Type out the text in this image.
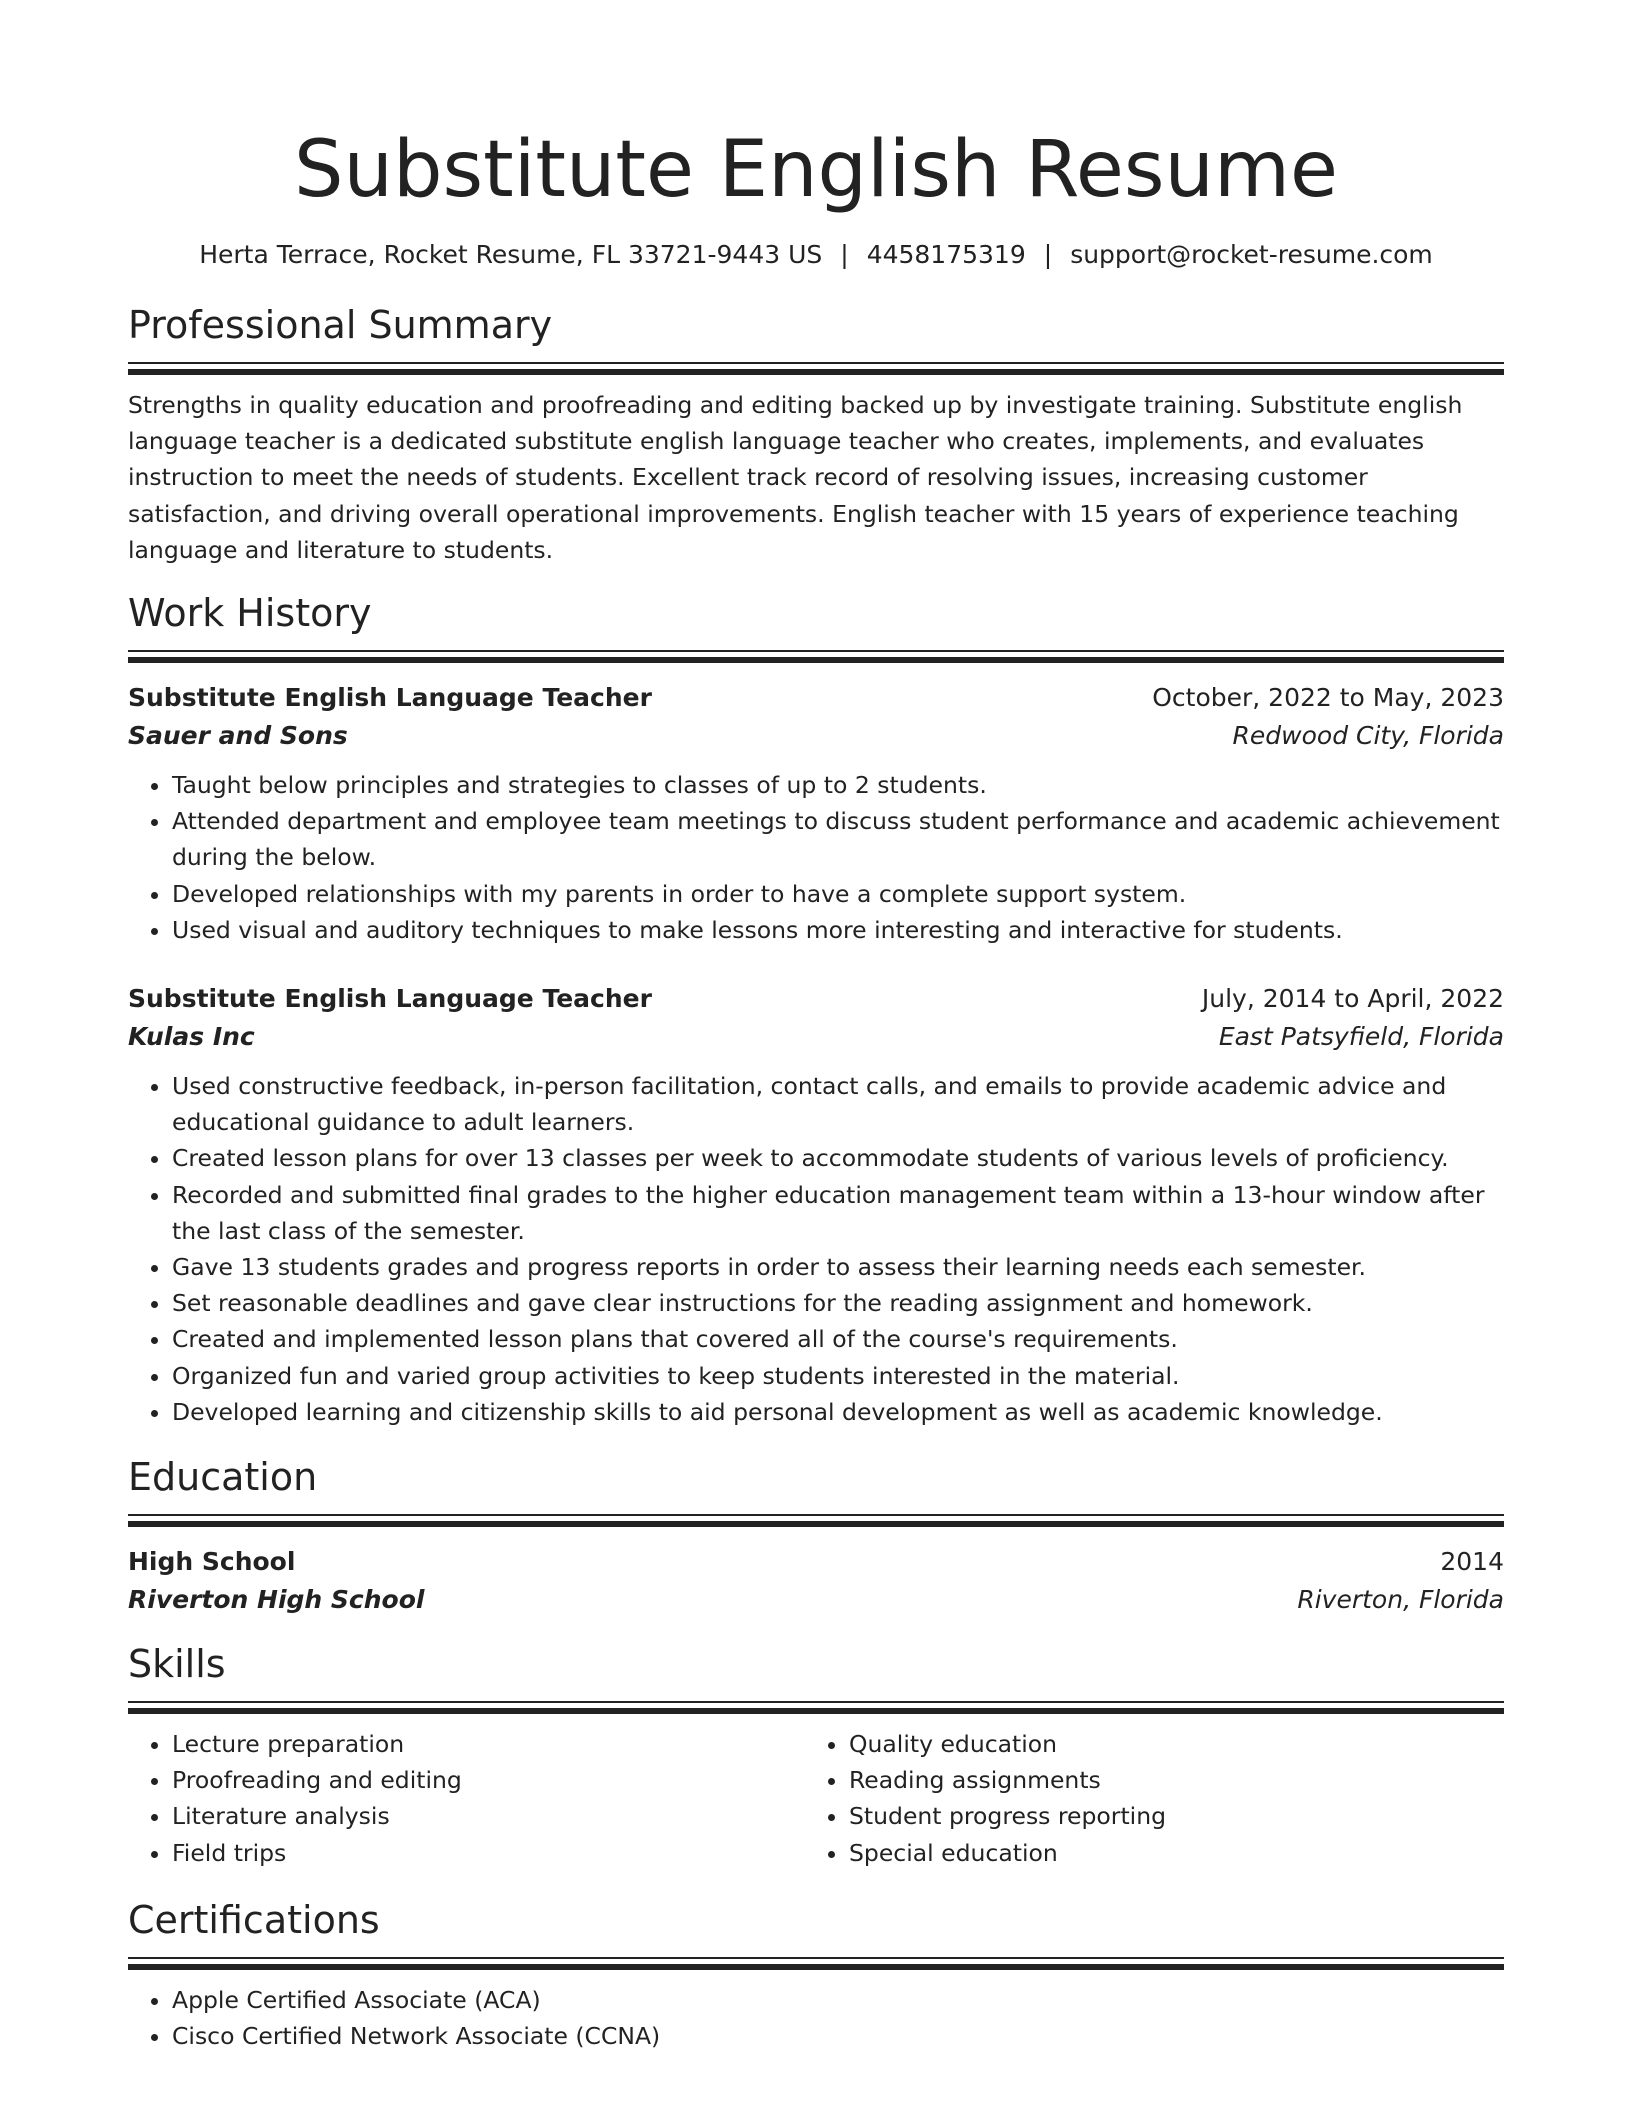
Substitute English Resume
Herta Terrace, Rocket Resume, FL 33721-9443 US | 4458175319 | support@rocket-resume.com
Professional Summary

Strengths in quality education and proofreading and editing backed up by investigate training. Substitute english language teacher is a dedicated substitute english language teacher who creates, implements, and evaluates instruction to meet the needs of students. Excellent track record of resolving issues, increasing customer satisfaction, and driving overall operational improvements. English teacher with 15 years of experience teaching language and literature to students.

Work History
Substitute English Language Teacher	October, 2022 to May, 2023
Sauer and Sons	Redwood City, Florida
• Taught below principles and strategies to classes of up to 2 students.
• Attended department and employee team meetings to discuss student performance and academic achievement during the below.
• Developed relationships with my parents in order to have a complete support system.
• Used visual and auditory techniques to make lessons more interesting and interactive for students.
Substitute English Language Teacher	July, 2014 to April, 2022
Kulas Inc	East Patsyfield, Florida
• Used constructive feedback, in-person facilitation, contact calls, and emails to provide academic advice and educational guidance to adult learners.
• Created lesson plans for over 13 classes per week to accommodate students of various levels of proficiency.
• Recorded and submitted final grades to the higher education management team within a 13-hour window after the last class of the semester.
• Gave 13 students grades and progress reports in order to assess their learning needs each semester.
• Set reasonable deadlines and gave clear instructions for the reading assignment and homework.
• Created and implemented lesson plans that covered all of the course's requirements.
• Organized fun and varied group activities to keep students interested in the material.
• Developed learning and citizenship skills to aid personal development as well as academic knowledge.
Education
High School	2014
Riverton High School	Riverton, Florida
Skills
• Lecture preparation
• Proofreading and editing
• Literature analysis
• Field trips
• Quality education
• Reading assignments
• Student progress reporting
• Special education
Certifications
• Apple Certified Associate (ACA)
• Cisco Certified Network Associate (CCNA)
